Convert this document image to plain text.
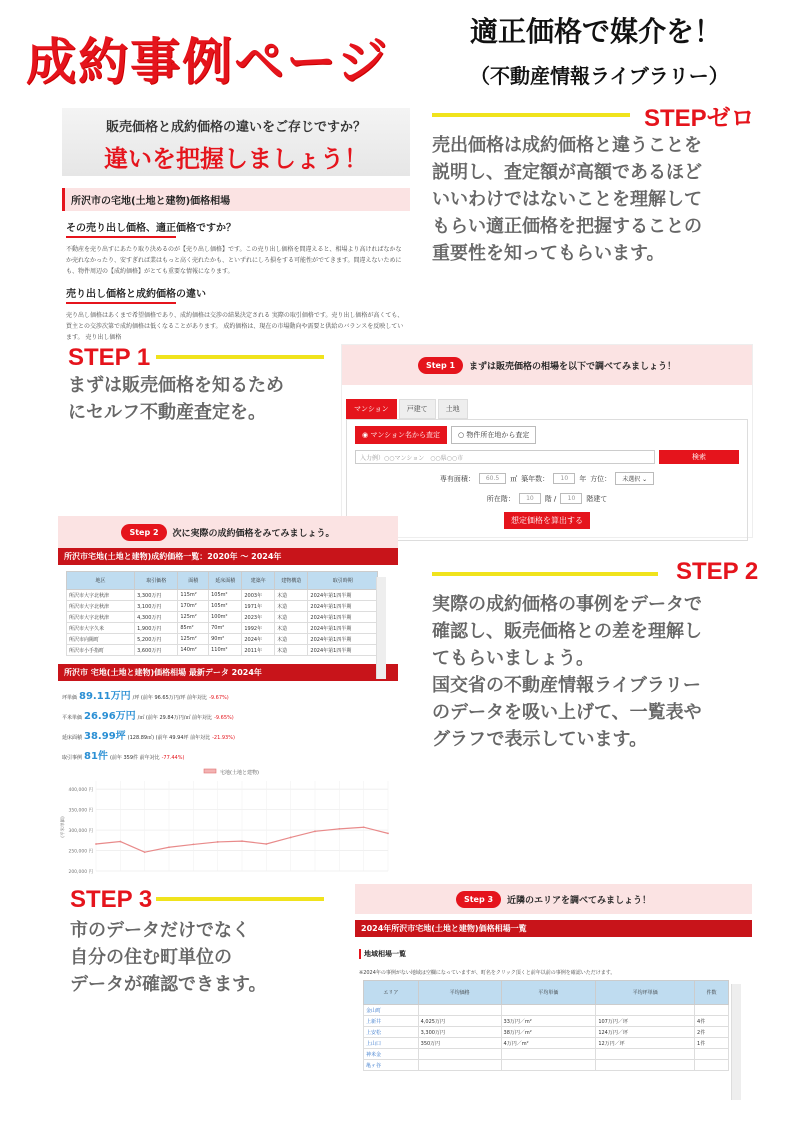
成約事例ページ
適正価格で媒介を！
（不動産情報ライブラリー）
STEPゼロ
売出価格は成約価格と違うことを
説明し、査定額が高額であるほど
いいわけではないことを理解して
もらい適正価格を把握することの
重要性を知ってもらいます。
販売価格と成約価格の違いをご存じですか？
違いを把握しましょう！
所沢市の宅地(土地と建物)価格相場
その売り出し価格、適正価格ですか？

不動産を売り出すにあたり取り決めるのが【売り出し価格】です。この売り出し価格を間違えると、相場より高ければなかなか売れなかったり、安すぎれば業はもっと高く売れたかも、といずれにしろ損をする可能性がでてきます。間違えないためにも、物件周辺の【成約価格】がとても重要な情報になります。

売り出し価格と成約価格の違い

売り出し価格はあくまで希望価格であり、成約価格は交渉の結果決定される 実際の取引価格です。売り出し価格が高くても、買主との交渉次第で成約価格は低くなることがあります。 成約価格は、現在の市場動向や需要と供給のバランスを反映しています。 売り出し価格

STEP 1
まずは販売価格を知るため
にセルフ不動産査定を。
Step 1	まずは販売価格の相場を以下で調べてみましょう！
マンション	戸建て	土地
◉ マンション名から査定	○ 物件所在地から査定
入力例）○○マンション　○○県○○市	検索
専有面積：	60.5	㎡ 築年数：	10	年 方位：	未選択 ⌄
所在階：	10	階 /	10	階建て
想定価格を算出する
Step 2	次に実際の成約価格をみてみましょう。
所沢市宅地(土地と建物)成約価格一覧：2020年 ～ 2024年
地区	取引価格	面積	延床面積	建築年	建物構造	取引時期
所沢市大字北秋津	3,300万円	115m²	105m²	2003年	木造	2024年第1四半期
所沢市大字北秋津	3,100万円	170m²	105m²	1971年	木造	2024年第1四半期
所沢市大字北秋津	4,300万円	125m²	100m²	2023年	木造	2024年第1四半期
所沢市大字久米	1,900万円	85m²	70m²	1992年	木造	2024年第1四半期
所沢市向陽町	5,200万円	125m²	90m²	2024年	木造	2024年第1四半期
所沢市小手指町	3,600万円	140m²	110m²	2011年	木造	2024年第1四半期
所沢市 宅地(土地と建物)価格相場 最新データ 2024年
坪単価 89.11万円 /坪 (前年 96.65万円/坪 前年対比 -9.67%)
平米単価 26.96万円 /㎡ (前年 29.84万円/㎡ 前年対比 -9.65%)
延床面積 38.99坪 (128.89㎡) (前年 49.94坪 前年対比 -21.93%)
取引事例 81件 (前年 359件 前年対比 -77.44%)
宅地(土地と建物)
400,000 円
350,000 円
300,000 円
250,000 円
200,000 円
(平米単価)
STEP 2
実際の成約価格の事例をデータで
確認し、販売価格との差を理解し
てもらいましょう。
国交省の不動産情報ライブラリー
のデータを吸い上げて、一覧表や
グラフで表示しています。
STEP 3
市のデータだけでなく
自分の住む町単位の
データが確認できます。
Step 3	近隣のエリアを調べてみましょう！
2024年所沢市宅地(土地と建物)価格相場一覧
地域相場一覧
※2024年の事例がない地域は空欄になっていますが、町名をクリック頂くと前年以前の事例を確認いただけます。
エリア	平均価格	平均単価	平均坪単価	件数
金山町				
上新井	4,025万円	33万円／m²	107万円／坪	4件
上安松	3,300万円	38万円／m²	124万円／坪	2件
上山口	350万円	4万円／m²	12万円／坪	1件
神米金				
亀ヶ谷				
